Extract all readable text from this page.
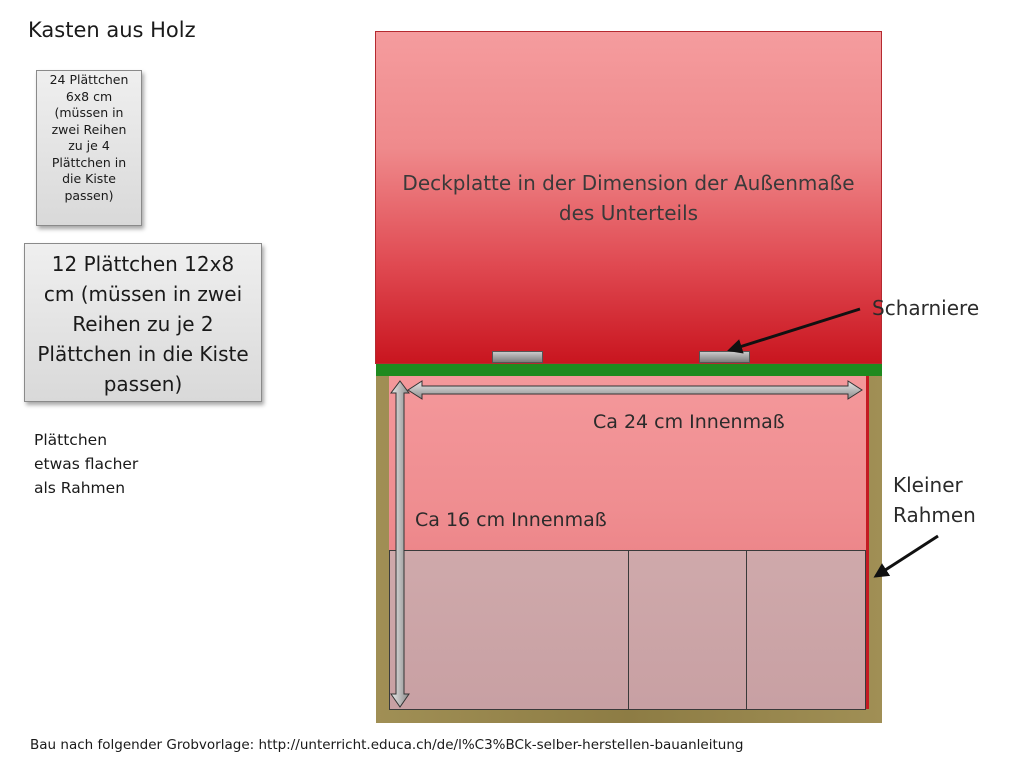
Kasten aus Holz
24 Plättchen
6x8 cm
(müssen in
zwei Reihen
zu je 4
Plättchen in
die Kiste
passen)
12 Plättchen 12x8
cm (müssen in zwei
Reihen zu je 2
Plättchen in die Kiste
passen)
Plättchen
etwas flacher
als Rahmen
Deckplatte in der Dimension der Außenmaße
des Unterteils
Scharniere
Ca 24 cm Innenmaß
Ca 16 cm Innenmaß
Kleiner
Rahmen
Bau nach folgender Grobvorlage: http://unterricht.educa.ch/de/l%C3%BCk-selber-herstellen-bauanleitung
